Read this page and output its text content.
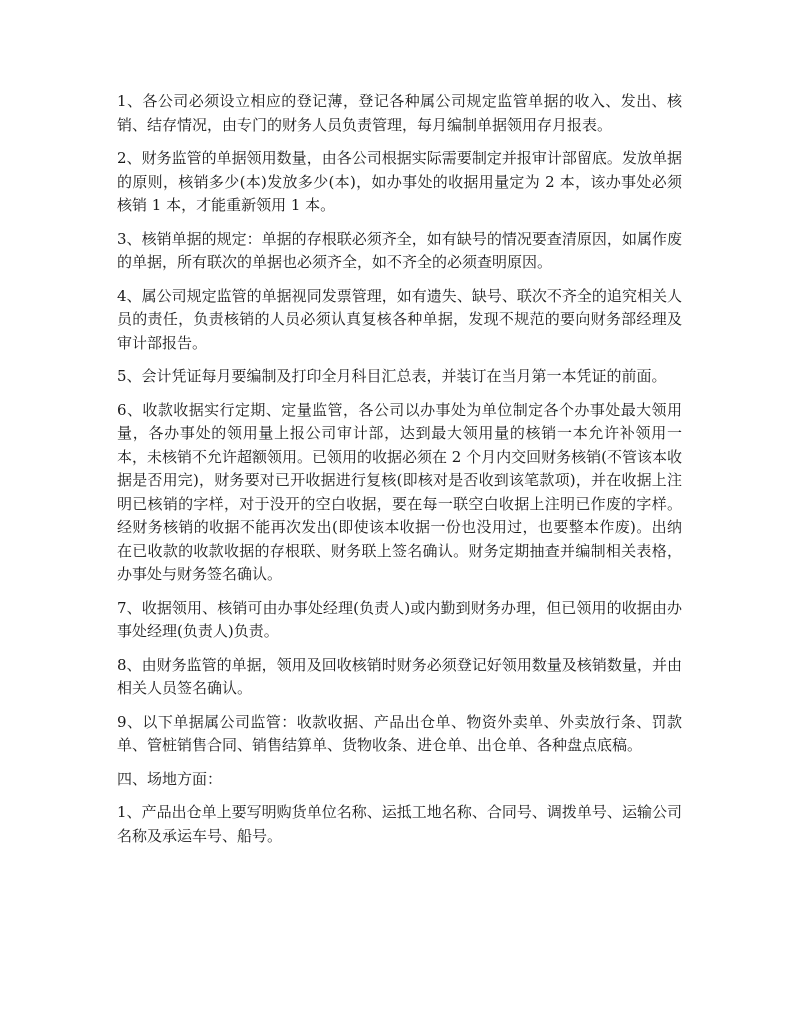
1、各公司必须设立相应的登记薄，登记各种属公司规定监管单据的收入、发出、核销、结存情况，由专门的财务人员负责管理，每月编制单据领用存月报表。

2、财务监管的单据领用数量，由各公司根据实际需要制定并报审计部留底。发放单据的原则，核销多少(本)发放多少(本)，如办事处的收据用量定为 2 本，该办事处必须核销 1 本，才能重新领用 1 本。

3、核销单据的规定：单据的存根联必须齐全，如有缺号的情况要查清原因，如属作废的单据，所有联次的单据也必须齐全，如不齐全的必须查明原因。

4、属公司规定监管的单据视同发票管理，如有遗失、缺号、联次不齐全的追究相关人员的责任，负责核销的人员必须认真复核各种单据，发现不规范的要向财务部经理及审计部报告。

5、会计凭证每月要编制及打印全月科目汇总表，并装订在当月第一本凭证的前面。

6、收款收据实行定期、定量监管，各公司以办事处为单位制定各个办事处最大领用量，各办事处的领用量上报公司审计部，达到最大领用量的核销一本允许补领用一本，未核销不允许超额领用。已领用的收据必须在 2 个月内交回财务核销(不管该本收据是否用完)，财务要对已开收据进行复核(即核对是否收到该笔款项)，并在收据上注明已核销的字样，对于没开的空白收据，要在每一联空白收据上注明已作废的字样。经财务核销的收据不能再次发出(即使该本收据一份也没用过，也要整本作废)。出纳在已收款的收款收据的存根联、财务联上签名确认。财务定期抽查并编制相关表格，办事处与财务签名确认。

7、收据领用、核销可由办事处经理(负责人)或内勤到财务办理，但已领用的收据由办事处经理(负责人)负责。

8、由财务监管的单据，领用及回收核销时财务必须登记好领用数量及核销数量，并由相关人员签名确认。

9、以下单据属公司监管：收款收据、产品出仓单、物资外卖单、外卖放行条、罚款单、管桩销售合同、销售结算单、货物收条、进仓单、出仓单、各种盘点底稿。

四、场地方面：

1、产品出仓单上要写明购货单位名称、运抵工地名称、合同号、调拨单号、运输公司名称及承运车号、船号。
